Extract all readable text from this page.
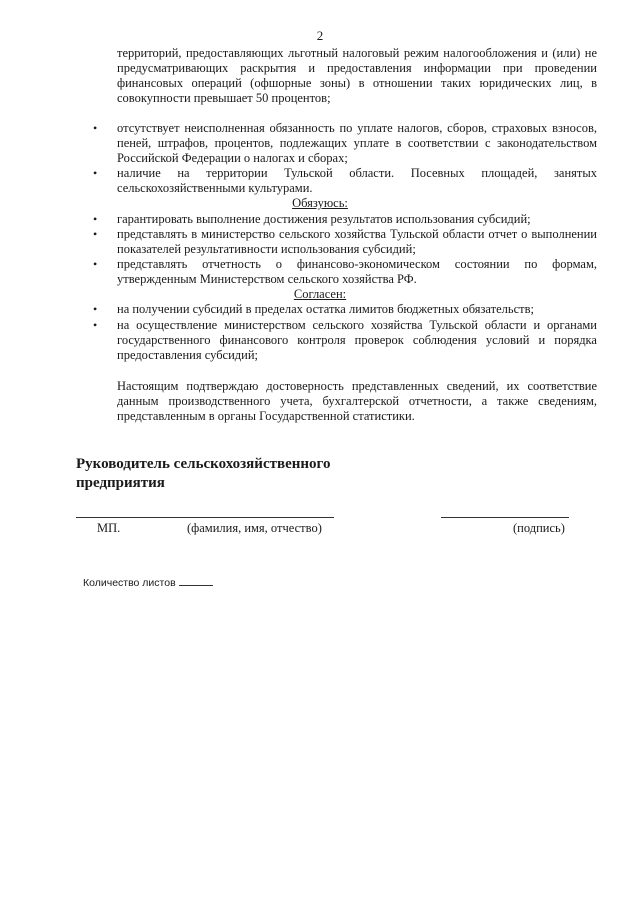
2
территорий, предоставляющих льготный налоговый режим налогообложения и (или) не предусматривающих раскрытия и предоставления информации при проведении финансовых операций (офшорные зоны) в отношении таких юридических лиц, в совокупности превышает 50 процентов;
•	отсутствует неисполненная обязанность по уплате налогов, сборов, страховых взносов, пеней, штрафов, процентов, подлежащих уплате в соответствии с законодательством Российской Федерации о налогах и сборах;
•	наличие на территории Тульской области. Посевных площадей, занятых сельскохозяйственными культурами.
Обязуюсь:
•	гарантировать выполнение достижения результатов использования субсидий;
•	представлять в министерство сельского хозяйства Тульской области отчет о выполнении показателей результативности использования субсидий;
•	представлять отчетность о финансово-экономическом состоянии по формам, утвержденным Министерством сельского хозяйства РФ.
Согласен:
•	на получении субсидий в пределах остатка лимитов бюджетных обязательств;
•	на осуществление министерством сельского хозяйства Тульской области и органами государственного финансового контроля проверок соблюдения условий и порядка предоставления субсидий;
Настоящим подтверждаю достоверность представленных сведений, их соответствие данным производственного учета, бухгалтерской отчетности, а также сведениям, представленным в органы Государственной статистики.
Руководитель сельскохозяйственного
предприятия
МП.	(фамилия, имя, отчество)	(подпись)
Количество листов
